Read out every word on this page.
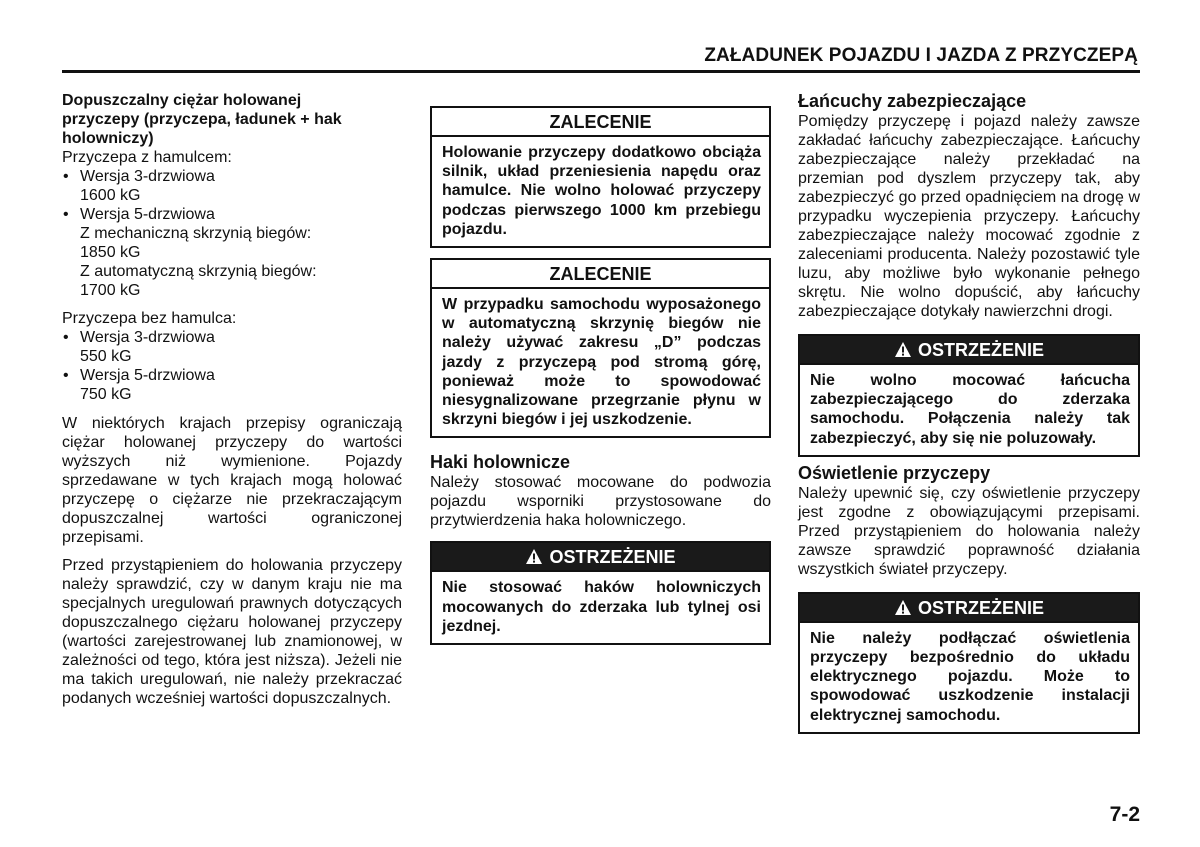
ZAŁADUNEK POJAZDU I JAZDA Z PRZYCZEPĄ
Dopuszczalny ciężar holowanej
przyczepy (przyczepa, ładunek + hak
holowniczy)
Przyczepa z hamulcem:
• Wersja 3-drzwiowa
1600 kG
• Wersja 5-drzwiowa
Z mechaniczną skrzynią biegów:
1850 kG
Z automatyczną skrzynią biegów:
1700 kG
Przyczepa bez hamulca:
• Wersja 3-drzwiowa
550 kG
• Wersja 5-drzwiowa
750 kG

W niektórych krajach przepisy ograniczają ciężar holowanej przyczepy do wartości wyższych niż wymienione. Pojazdy sprzedawane w tych krajach mogą holować przyczepę o ciężarze nie przekraczającym dopuszczalnej wartości ograniczonej przepisami.

Przed przystąpieniem do holowania przyczepy należy sprawdzić, czy w danym kraju nie ma specjalnych uregulowań prawnych dotyczących dopuszczalnego ciężaru holowanej przyczepy (wartości zarejestrowanej lub znamionowej, w zależności od tego, która jest niższa). Jeżeli nie ma takich uregulowań, nie należy przekraczać podanych wcześniej wartości dopuszczalnych.

ZALECENIE
Holowanie przyczepy dodatkowo obciąża silnik, układ przeniesienia napędu oraz hamulce. Nie wolno holować przyczepy podczas pierwszego 1000 km przebiegu pojazdu.
ZALECENIE
W przypadku samochodu wyposażonego w automatyczną skrzynię biegów nie należy używać zakresu „D” podczas jazdy z przyczepą pod stromą górę, ponieważ może to spowodować niesygnalizowane przegrzanie płynu w skrzyni biegów i jej uszkodzenie.
Haki holownicze

Należy stosować mocowane do podwozia pojazdu wsporniki przystosowane do przytwierdzenia haka holowniczego.

OSTRZEŻENIE
Nie stosować haków holowniczych mocowanych do zderzaka lub tylnej osi jezdnej.
Łańcuchy zabezpieczające

Pomiędzy przyczepę i pojazd należy zawsze zakładać łańcuchy zabezpieczające. Łańcuchy zabezpieczające należy przekładać na przemian pod dyszlem przyczepy tak, aby zabezpieczyć go przed opadnięciem na drogę w przypadku wyczepienia przyczepy. Łańcuchy zabezpieczające należy mocować zgodnie z zaleceniami producenta. Należy pozostawić tyle luzu, aby możliwe było wykonanie pełnego skrętu. Nie wolno dopuścić, aby łańcuchy zabezpieczające dotykały nawierzchni drogi.

OSTRZEŻENIE
Nie wolno mocować łańcucha zabezpieczającego do zderzaka samochodu. Połączenia należy tak zabezpieczyć, aby się nie poluzowały.
Oświetlenie przyczepy

Należy upewnić się, czy oświetlenie przyczepy jest zgodne z obowiązującymi przepisami. Przed przystąpieniem do holowania należy zawsze sprawdzić poprawność działania wszystkich świateł przyczepy.

OSTRZEŻENIE
Nie należy podłączać oświetlenia przyczepy bezpośrednio do układu elektrycznego pojazdu. Może to spowodować uszkodzenie instalacji elektrycznej samochodu.
7-2
